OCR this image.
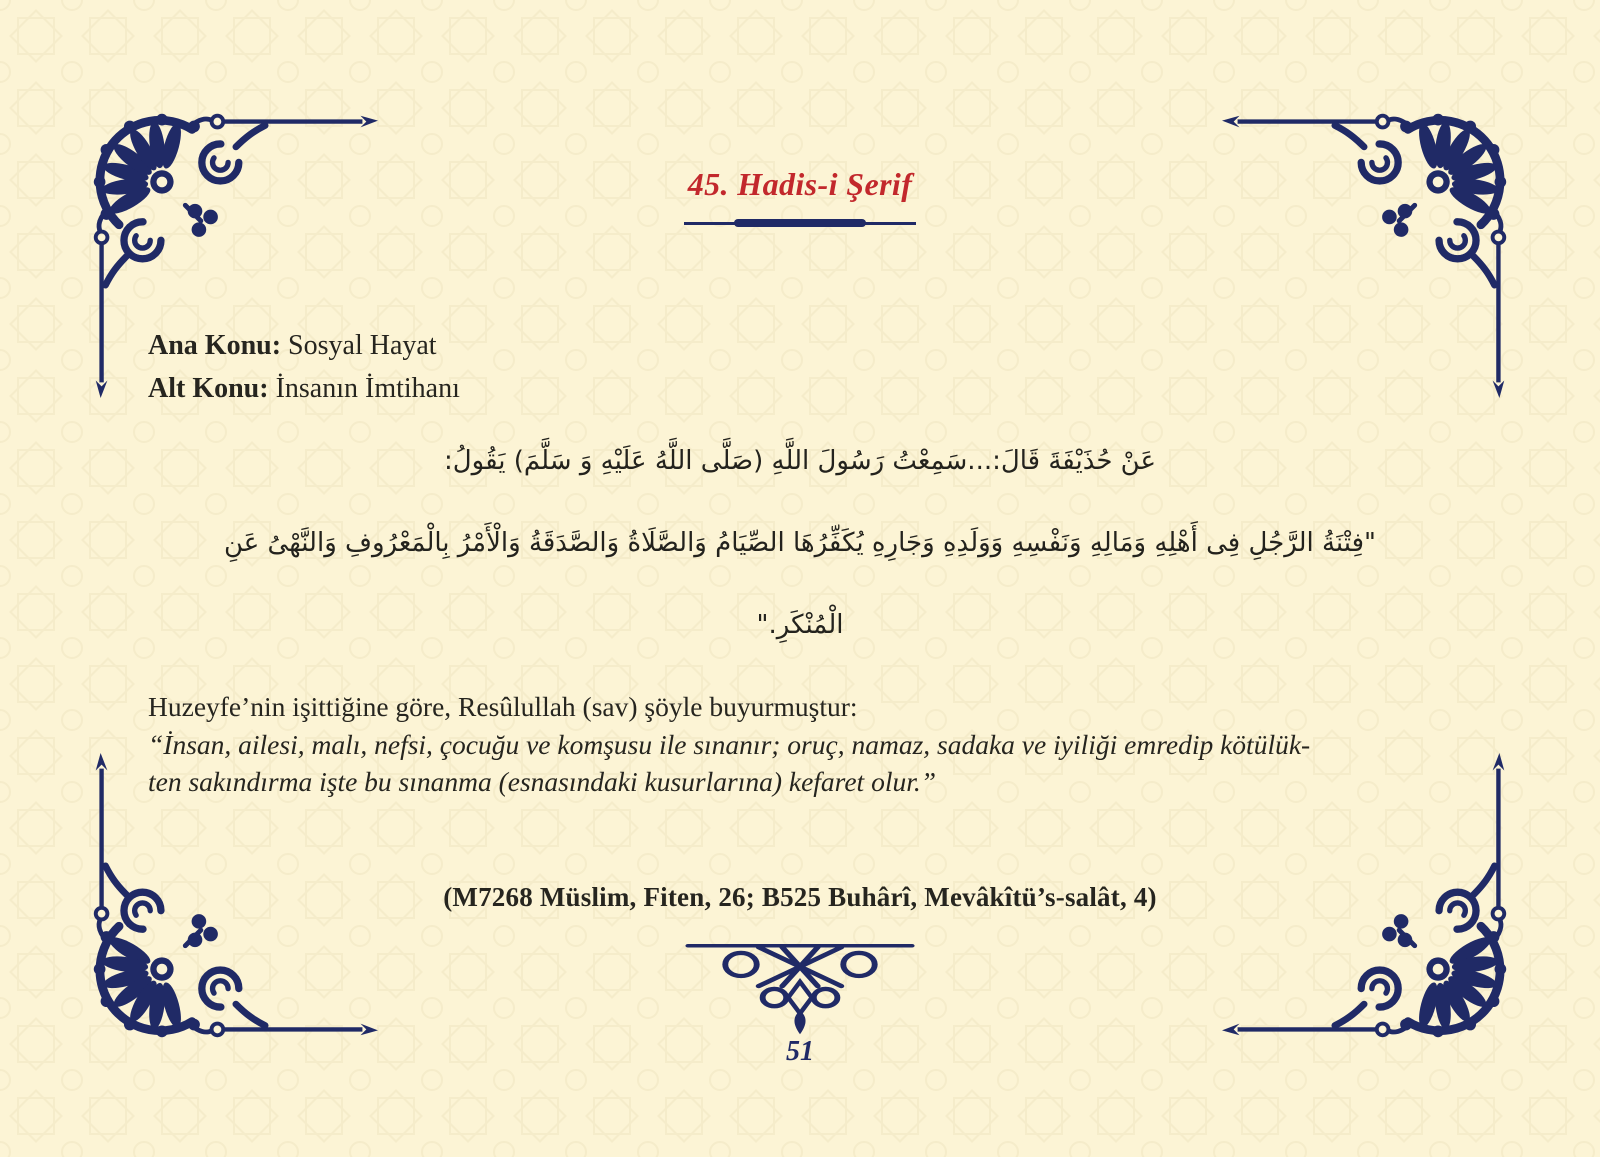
45. Hadis-i Şerif
Ana Konu: Sosyal Hayat
Alt Konu: İnsanın İmtihanı
عَنْ حُذَيْفَةَ قَالَ:...سَمِعْتُ رَسُولَ اللَّهِ (صَلَّى اللَّهُ عَلَيْهِ وَ سَلَّمَ) يَقُولُ:
"فِتْنَةُ الرَّجُلِ فِى أَهْلِهِ وَمَالِهِ وَنَفْسِهِ وَوَلَدِهِ وَجَارِهِ يُكَفِّرُهَا الصِّيَامُ وَالصَّلَاةُ وَالصَّدَقَةُ وَالْأَمْرُ بِالْمَعْرُوفِ وَالنَّهْىُ عَنِ
الْمُنْكَرِ."
Huzeyfe’nin işittiğine göre, Resûlullah (sav) şöyle buyurmuştur:
“İnsan, ailesi, malı, nefsi, çocuğu ve komşusu ile sınanır; oruç, namaz, sadaka ve iyiliği emredip kötülük-
ten sakındırma işte bu sınanma (esnasındaki kusurlarına) kefaret olur.”
(M7268 Müslim, Fiten, 26; B525 Buhârî, Mevâkîtü’s-salât, 4)
51
